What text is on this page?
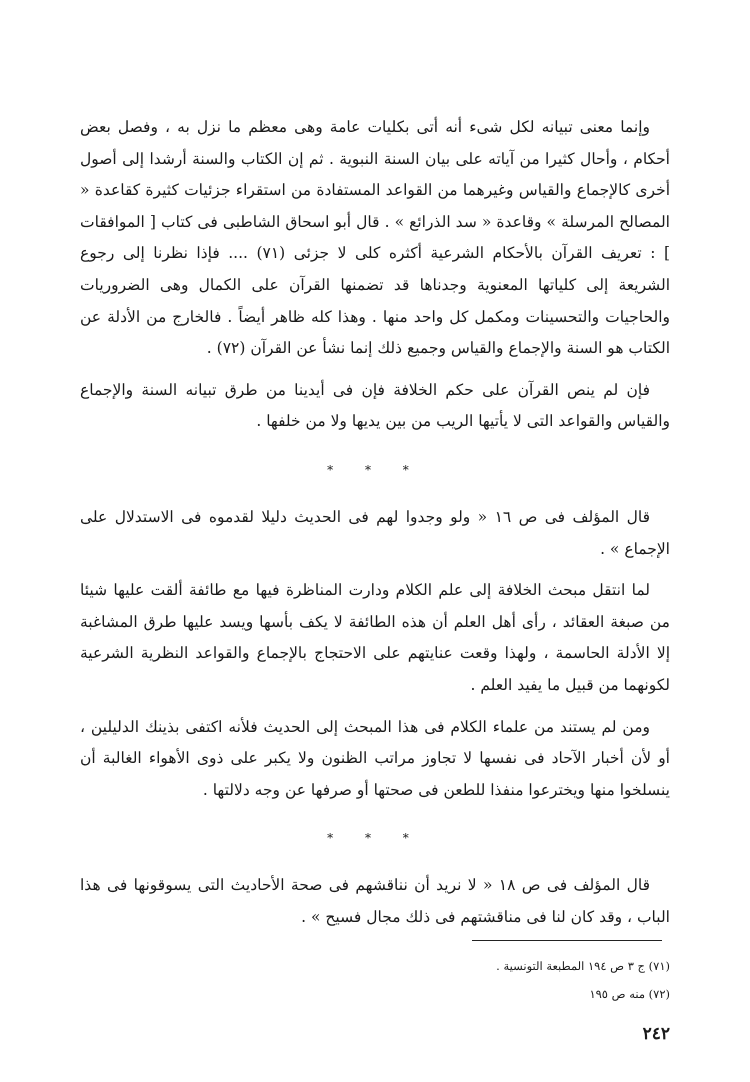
وإنما معنى تبيانه لكل شىء أنه أتى بكليات عامة وهى معظم ما نزل به ، وفصل بعض أحكام ، وأحال كثيرا من آياته على بيان السنة النبوية . ثم إن الكتاب والسنة أرشدا إلى أصول أخرى كالإجماع والقياس وغيرهما من القواعد المستفادة من استقراء جزئيات كثيرة كقاعدة « المصالح المرسلة » وقاعدة « سد الذرائع » . قال أبو اسحاق الشاطبى فى كتاب [ الموافقات ] : تعريف القرآن بالأحكام الشرعية أكثره كلى لا جزئى (٧١) .... فإذا نظرنا إلى رجوع الشريعة إلى كلياتها المعنوية وجدناها قد تضمنها القرآن على الكمال وهى الضروريات والحاجيات والتحسينات ومكمل كل واحد منها . وهذا كله ظاهر أيضاً . فالخارج من الأدلة عن الكتاب هو السنة والإجماع والقياس وجميع ذلك إنما نشأ عن القرآن (٧٢) .

فإن لم ينص القرآن على حكم الخلافة فإن فى أيدينا من طرق تبيانه السنة والإجماع والقياس والقواعد التى لا يأتيها الريب من بين يديها ولا من خلفها .

* * *

قال المؤلف فى ص ١٦ « ولو وجدوا لهم فى الحديث دليلا لقدموه فى الاستدلال على الإجماع » .

لما انتقل مبحث الخلافة إلى علم الكلام ودارت المناظرة فيها مع طائفة ألقت عليها شيئا من صبغة العقائد ، رأى أهل العلم أن هذه الطائفة لا يكف بأسها ويسد عليها طرق المشاغبة إلا الأدلة الحاسمة ، ولهذا وقعت عنايتهم على الاحتجاج بالإجماع والقواعد النظرية الشرعية لكونهما من قبيل ما يفيد العلم .

ومن لم يستند من علماء الكلام فى هذا المبحث إلى الحديث فلأنه اكتفى بذينك الدليلين ، أو لأن أخبار الآحاد فى نفسها لا تجاوز مراتب الظنون ولا يكبر على ذوى الأهواء الغالبة أن ينسلخوا منها ويخترعوا منفذا للطعن فى صحتها أو صرفها عن وجه دلالتها .

* * *

قال المؤلف فى ص ١٨ « لا نريد أن نناقشهم فى صحة الأحاديث التى يسوقونها فى هذا الباب ، وقد كان لنا فى مناقشتهم فى ذلك مجال فسيح » .

(٧١) ج ٣ ص ١٩٤ المطبعة التونسية .
(٧٢) منه ص ١٩٥
٢٤٢
